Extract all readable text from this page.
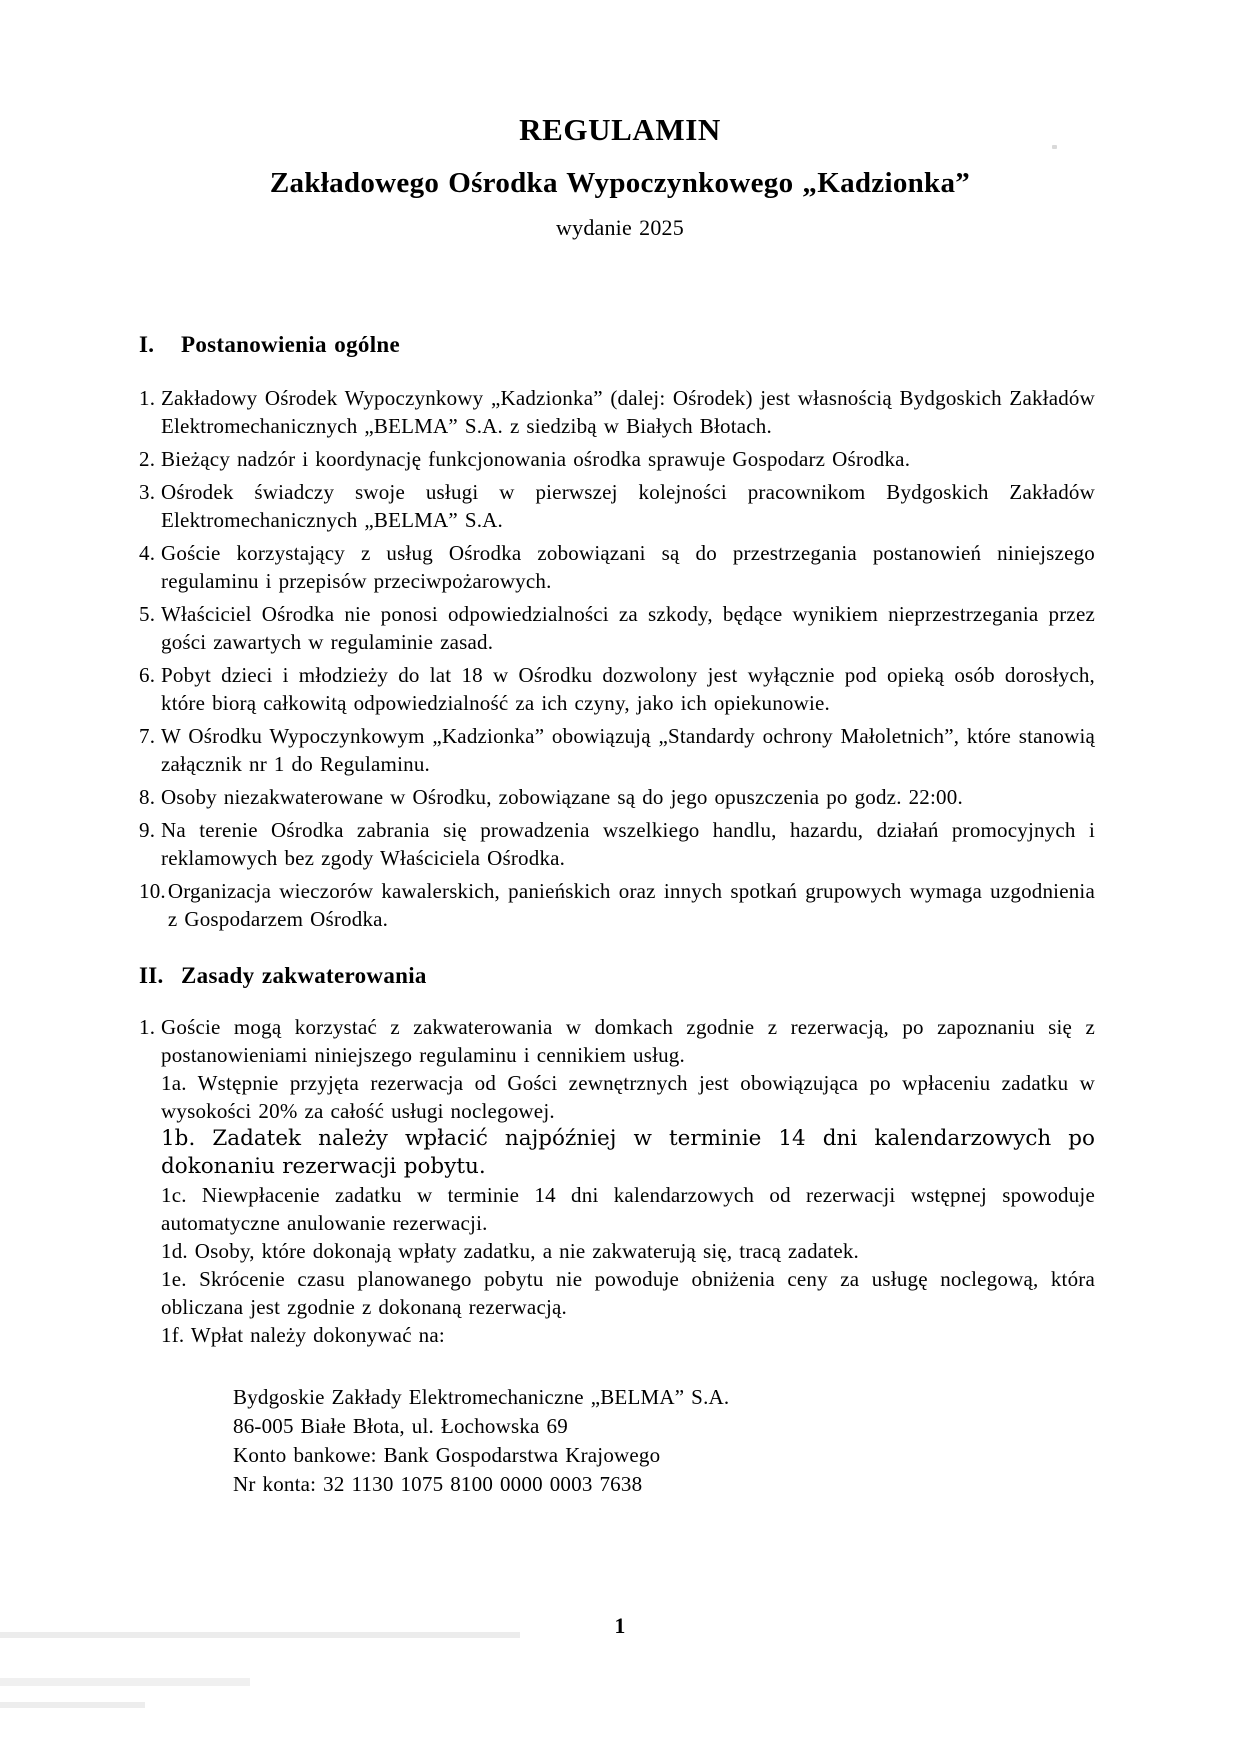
REGULAMIN
Zakładowego Ośrodka Wypoczynkowego „Kadzionka”
wydanie 2025
I.	Postanowienia ogólne
1. Zakładowy Ośrodek Wypoczynkowy „Kadzionka” (dalej: Ośrodek) jest własnością Bydgoskich Zakładów Elektromechanicznych „BELMA” S.A. z siedzibą w Białych Błotach.
2. Bieżący nadzór i koordynację funkcjonowania ośrodka sprawuje Gospodarz Ośrodka.
3. Ośrodek świadczy swoje usługi w pierwszej kolejności pracownikom Bydgoskich Zakładów Elektromechanicznych „BELMA” S.A.
4. Goście korzystający z usług Ośrodka zobowiązani są do przestrzegania postanowień niniejszego regulaminu i przepisów przeciwpożarowych.
5. Właściciel Ośrodka nie ponosi odpowiedzialności za szkody, będące wynikiem nieprzestrzegania przez gości zawartych w regulaminie zasad.
6. Pobyt dzieci i młodzieży do lat 18 w Ośrodku dozwolony jest wyłącznie pod opieką osób dorosłych, które biorą całkowitą odpowiedzialność za ich czyny, jako ich opiekunowie.
7. W Ośrodku Wypoczynkowym „Kadzionka” obowiązują „Standardy ochrony Małoletnich”, które stanowią załącznik nr 1 do Regulaminu.
8. Osoby niezakwaterowane w Ośrodku, zobowiązane są do jego opuszczenia po godz. 22:00.
9. Na terenie Ośrodka zabrania się prowadzenia wszelkiego handlu, hazardu, działań promocyjnych i reklamowych bez zgody Właściciela Ośrodka.
10. Organizacja wieczorów kawalerskich, panieńskich oraz innych spotkań grupowych wymaga uzgodnienia z Gospodarzem Ośrodka.
II. Zasady zakwaterowania
1. Goście mogą korzystać z zakwaterowania w domkach zgodnie z rezerwacją, po zapoznaniu się z postanowieniami niniejszego regulaminu i cennikiem usług.
1a. Wstępnie przyjęta rezerwacja od Gości zewnętrznych jest obowiązująca po wpłaceniu zadatku w wysokości 20% za całość usługi noclegowej.
1b. Zadatek należy wpłacić najpóźniej w terminie 14 dni kalendarzowych po dokonaniu rezerwacji pobytu.
1c. Niewpłacenie zadatku w terminie 14 dni kalendarzowych od rezerwacji wstępnej spowoduje automatyczne anulowanie rezerwacji.
1d. Osoby, które dokonają wpłaty zadatku, a nie zakwaterują się, tracą zadatek.
1e. Skrócenie czasu planowanego pobytu nie powoduje obniżenia ceny za usługę noclegową, która obliczana jest zgodnie z dokonaną rezerwacją.
1f. Wpłat należy dokonywać na:
Bydgoskie Zakłady Elektromechaniczne „BELMA” S.A.
86-005 Białe Błota, ul. Łochowska 69
Konto bankowe: Bank Gospodarstwa Krajowego
Nr konta: 32 1130 1075 8100 0000 0003 7638
1
